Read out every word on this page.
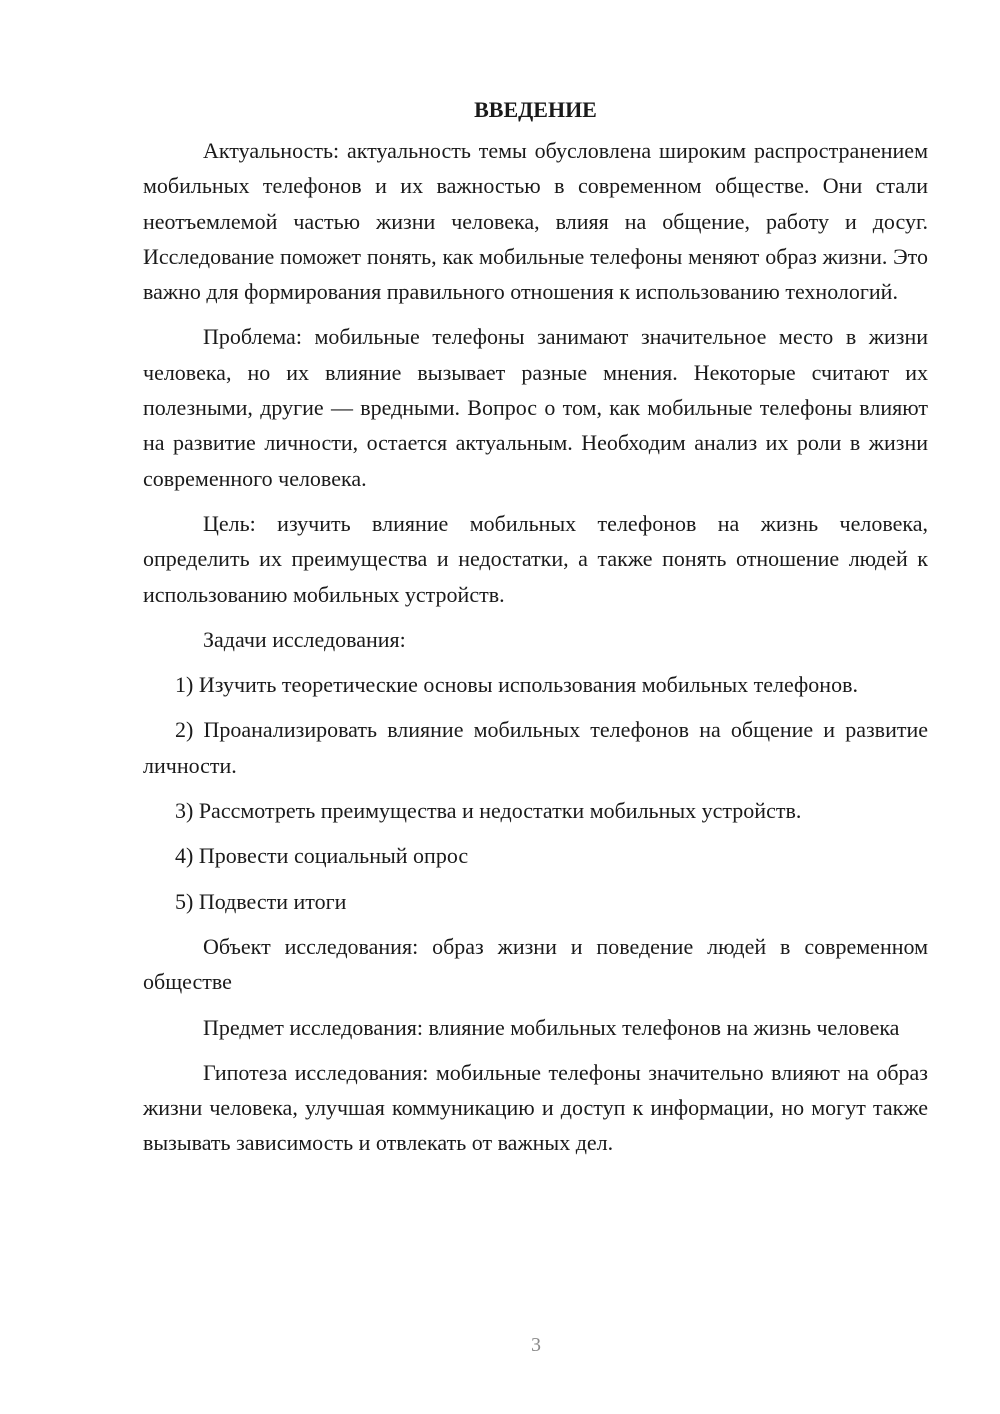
ВВЕДЕНИЕ

Актуальность: актуальность темы обусловлена широким распространением мобильных телефонов и их важностью в современном обществе. Они стали неотъемлемой частью жизни человека, влияя на общение, работу и досуг. Исследование поможет понять, как мобильные телефоны меняют образ жизни. Это важно для формирования правильного отношения к использованию технологий.

Проблема: мобильные телефоны занимают значительное место в жизни человека, но их влияние вызывает разные мнения. Некоторые считают их полезными, другие — вредными. Вопрос о том, как мобильные телефоны влияют на развитие личности, остается актуальным. Необходим анализ их роли в жизни современного человека.

Цель: изучить влияние мобильных телефонов на жизнь человека, определить их преимущества и недостатки, а также понять отношение людей к использованию мобильных устройств.

Задачи исследования:

1) Изучить теоретические основы использования мобильных телефонов.

2) Проанализировать влияние мобильных телефонов на общение и развитие личности.

3) Рассмотреть преимущества и недостатки мобильных устройств.

4) Провести социальный опрос

5) Подвести итоги

Объект исследования: образ жизни и поведение людей в современном обществе

Предмет исследования: влияние мобильных телефонов на жизнь человека

Гипотеза исследования: мобильные телефоны значительно влияют на образ жизни человека, улучшая коммуникацию и доступ к информации, но могут также вызывать зависимость и отвлекать от важных дел.

3
